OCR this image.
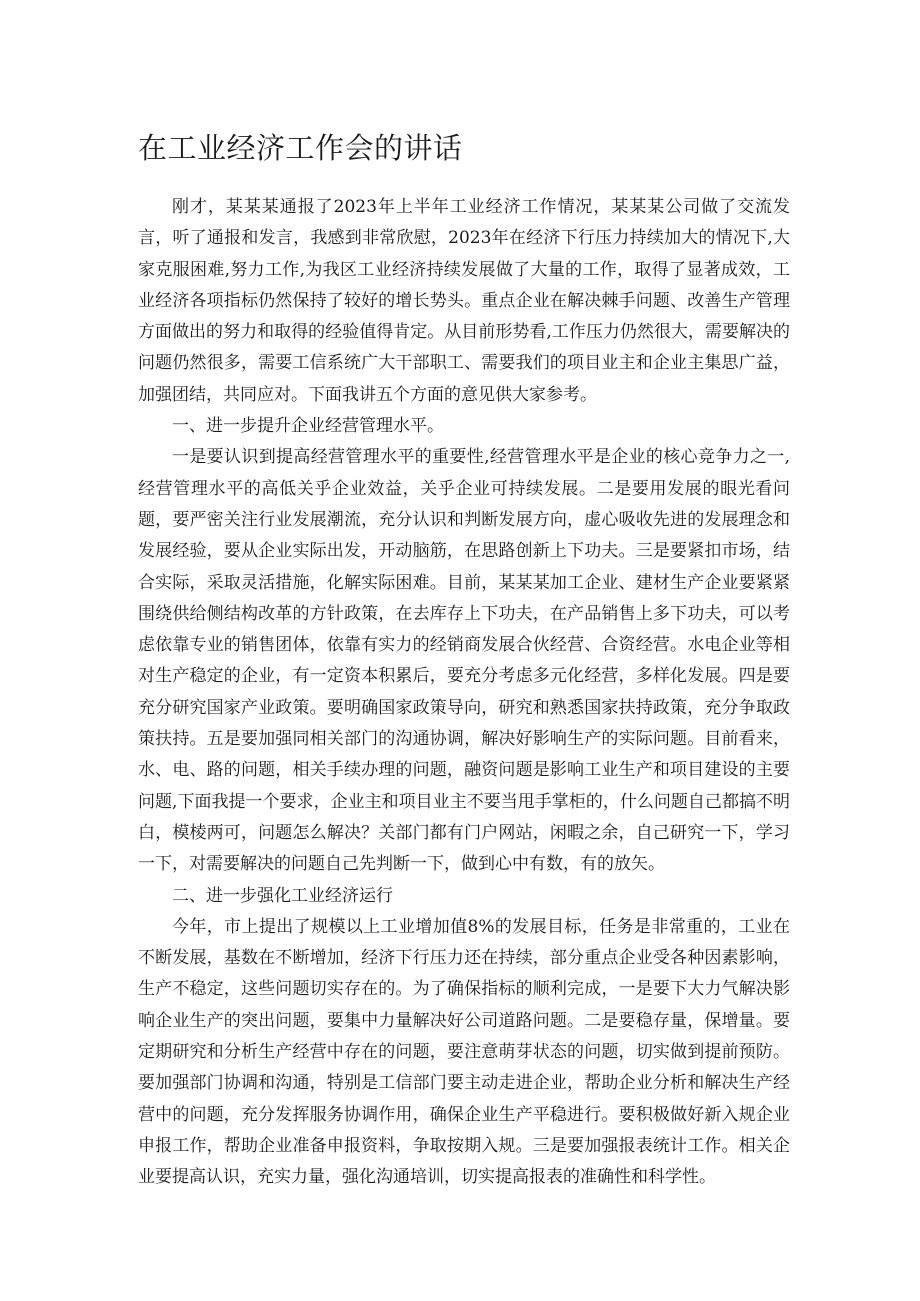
在工业经济工作会的讲话

刚才，某某某通报了2023年上半年工业经济工作情况，某某某公司做了交流发言，听了通报和发言，我感到非常欣慰，2023年在经济下行压力持续加大的情况下,大家克服困难,努力工作,为我区工业经济持续发展做了大量的工作，取得了显著成效，工业经济各项指标仍然保持了较好的增长势头。重点企业在解决棘手问题、改善生产管理方面做出的努力和取得的经验值得肯定。从目前形势看,工作压力仍然很大，需要解决的问题仍然很多，需要工信系统广大干部职工、需要我们的项目业主和企业主集思广益，加强团结，共同应对。下面我讲五个方面的意见供大家参考。

一、进一步提升企业经营管理水平。

一是要认识到提高经营管理水平的重要性,经营管理水平是企业的核心竞争力之一,经营管理水平的高低关乎企业效益，关乎企业可持续发展。二是要用发展的眼光看问题，要严密关注行业发展潮流，充分认识和判断发展方向，虚心吸收先进的发展理念和发展经验，要从企业实际出发，开动脑筋，在思路创新上下功夫。三是要紧扣市场，结合实际，采取灵活措施，化解实际困难。目前，某某某加工企业、建材生产企业要紧紧围绕供给侧结构改革的方针政策，在去库存上下功夫，在产品销售上多下功夫，可以考虑依靠专业的销售团体，依靠有实力的经销商发展合伙经营、合资经营。水电企业等相对生产稳定的企业，有一定资本积累后，要充分考虑多元化经营，多样化发展。四是要充分研究国家产业政策。要明确国家政策导向，研究和熟悉国家扶持政策，充分争取政策扶持。五是要加强同相关部门的沟通协调，解决好影响生产的实际问题。目前看来，水、电、路的问题，相关手续办理的问题，融资问题是影响工业生产和项目建设的主要问题,下面我提一个要求，企业主和项目业主不要当甩手掌柜的，什么问题自己都搞不明白，模棱两可，问题怎么解决？关部门都有门户网站，闲暇之余，自己研究一下，学习一下，对需要解决的问题自己先判断一下，做到心中有数，有的放矢。

二、进一步强化工业经济运行

今年，市上提出了规模以上工业增加值8%的发展目标，任务是非常重的，工业在不断发展，基数在不断增加，经济下行压力还在持续，部分重点企业受各种因素影响，生产不稳定，这些问题切实存在的。为了确保指标的顺利完成，一是要下大力气解决影响企业生产的突出问题，要集中力量解决好公司道路问题。二是要稳存量，保增量。要定期研究和分析生产经营中存在的问题，要注意萌芽状态的问题，切实做到提前预防。要加强部门协调和沟通，特别是工信部门要主动走进企业，帮助企业分析和解决生产经营中的问题，充分发挥服务协调作用，确保企业生产平稳进行。要积极做好新入规企业申报工作，帮助企业准备申报资料，争取按期入规。三是要加强报表统计工作。相关企业要提高认识，充实力量，强化沟通培训，切实提高报表的准确性和科学性。
